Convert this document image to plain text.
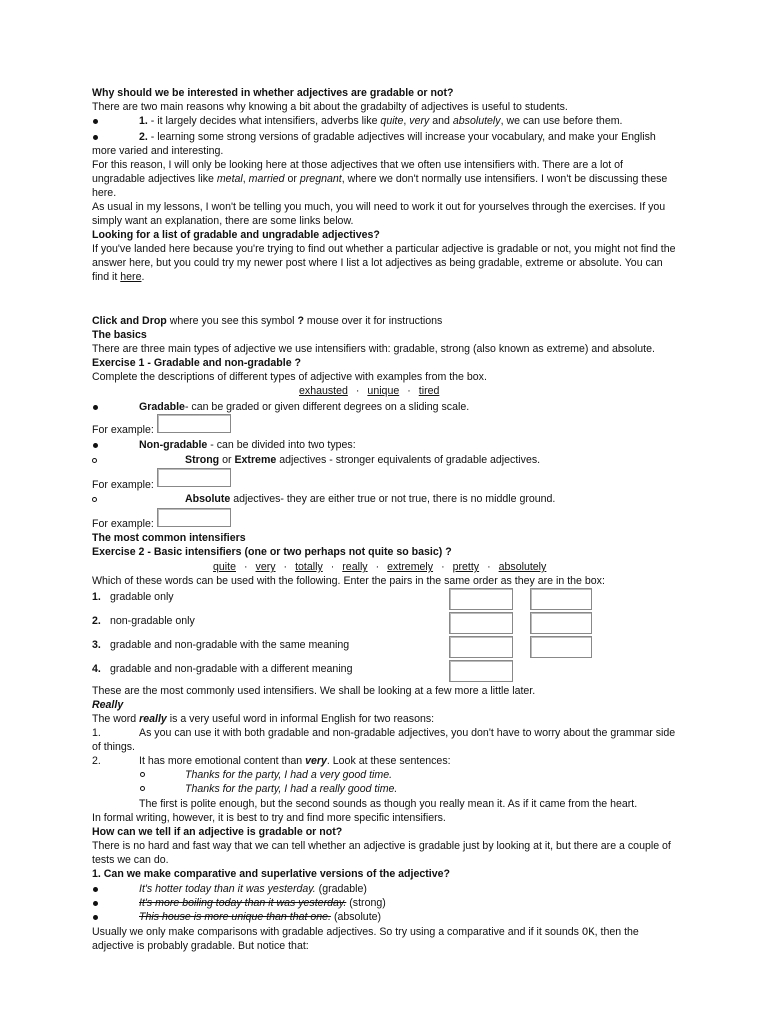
Why should we be interested in whether adjectives are gradable or not?
There are two main reasons why knowing a bit about the gradabilty of adjectives is useful to students.
1. - it largely decides what intensifiers, adverbs like quite, very and absolutely, we can use before them.
2. - learning some strong versions of gradable adjectives will increase your vocabulary, and make your English
more varied and interesting.
For this reason, I will only be looking here at those adjectives that we often use intensifiers with. There are a lot of
ungradable adjectives like metal, married or pregnant, where we don't normally use intensifiers. I won't be discussing these
here.
As usual in my lessons, I won't be telling you much, you will need to work it out for yourselves through the exercises. If you
simply want an explanation, there are some links below.
Looking for a list of gradable and ungradable adjectives?
If you've landed here because you're trying to find out whether a particular adjective is gradable or not, you might not find the
answer here, but you could try my newer post where I list a lot adjectives as being gradable, extreme or absolute. You can
find it here.
Click and Drop where you see this symbol ? mouse over it for instructions
The basics
There are three main types of adjective we use intensifiers with: gradable, strong (also known as extreme) and absolute.
Exercise 1 - Gradable and non-gradable ?
Complete the descriptions of different types of adjective with examples from the box.
exhausted · unique · tired
Gradable- can be graded or given different degrees on a sliding scale.
For example:
Non-gradable - can be divided into two types:
Strong or Extreme adjectives - stronger equivalents of gradable adjectives.
For example:
Absolute adjectives- they are either true or not true, there is no middle ground.
For example:
The most common intensifiers
Exercise 2 - Basic intensifiers (one or two perhaps not quite so basic) ?
quite · very · totally · really · extremely · pretty · absolutely
Which of these words can be used with the following. Enter the pairs in the same order as they are in the box:
1. gradable only
2. non-gradable only
3. gradable and non-gradable with the same meaning
4. gradable and non-gradable with a different meaning
These are the most commonly used intensifiers. We shall be looking at a few more a little later.
Really
The word really is a very useful word in informal English for two reasons:
1.	As you can use it with both gradable and non-gradable adjectives, you don't have to worry about the grammar side
of things.
2.	It has more emotional content than very. Look at these sentences:
Thanks for the party, I had a very good time.
Thanks for the party, I had a really good time.
The first is polite enough, but the second sounds as though you really mean it. As if it came from the heart.
In formal writing, however, it is best to try and find more specific intensifiers.
How can we tell if an adjective is gradable or not?
There is no hard and fast way that we can tell whether an adjective is gradable just by looking at it, but there are a couple of
tests we can do.
1. Can we make comparative and superlative versions of the adjective?
It's hotter today than it was yesterday. (gradable)
It's more boiling today than it was yesterday. (strong)
This house is more unique than that one. (absolute)
Usually we only make comparisons with gradable adjectives. So try using a comparative and if it sounds OK, then the
adjective is probably gradable. But notice that:
